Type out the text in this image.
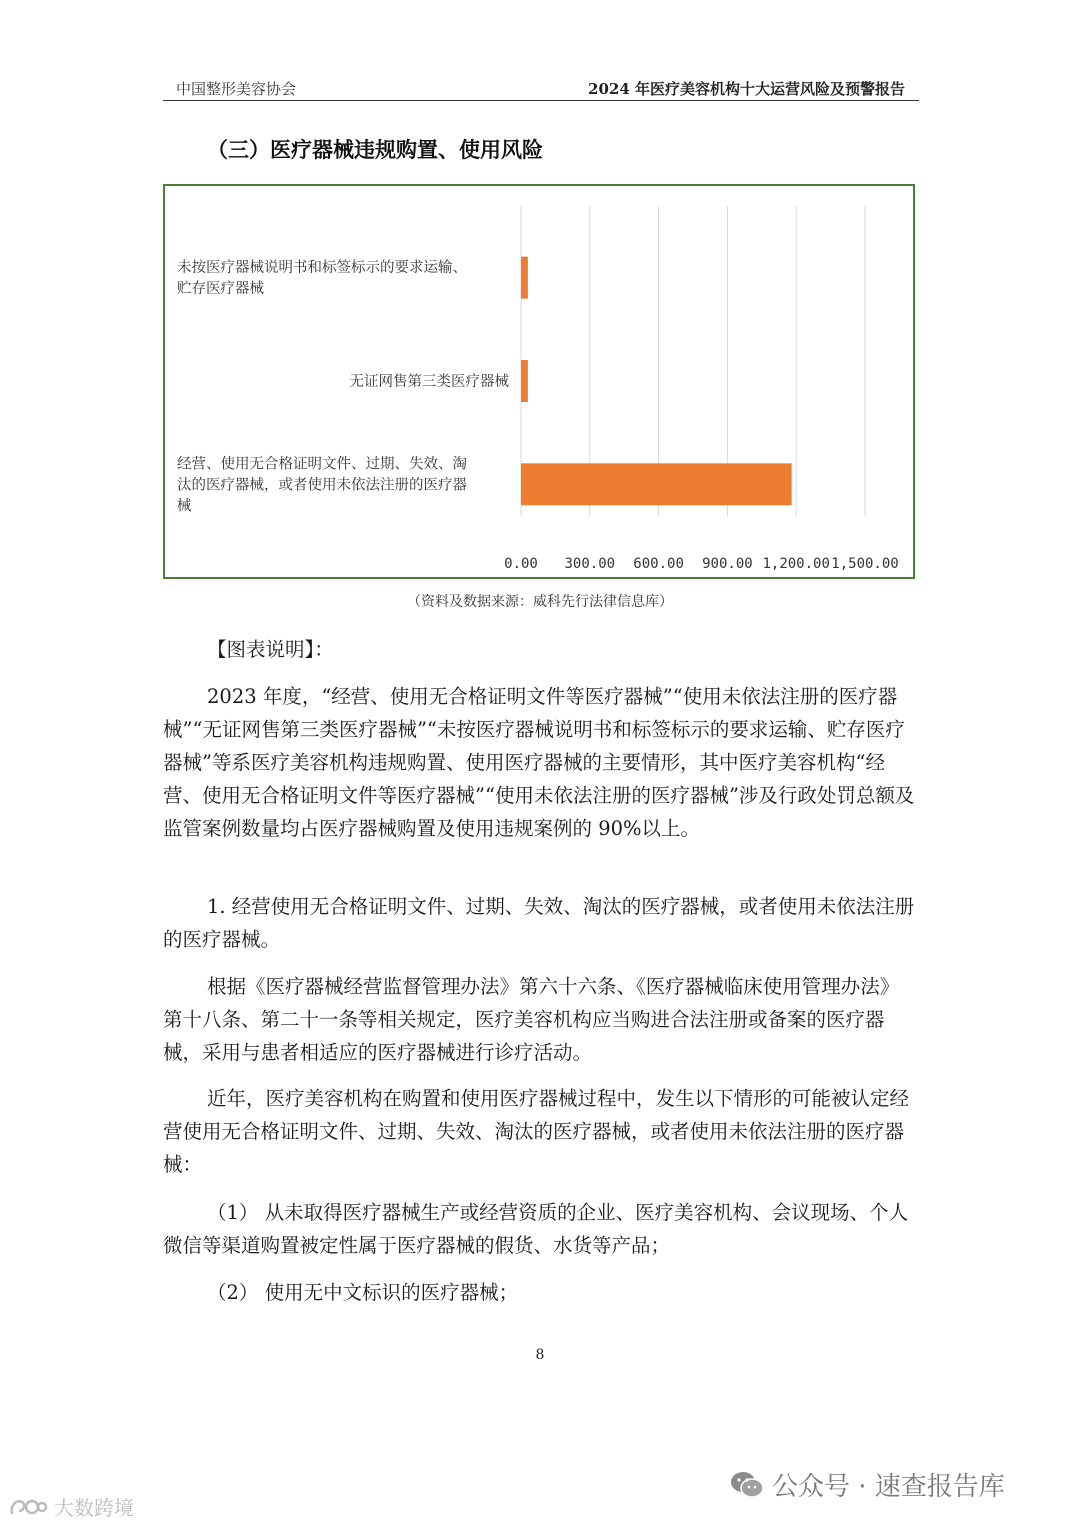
中国整形美容协会	2024 年医疗美容机构十大运营风险及预警报告
（三）医疗器械违规购置、使用风险
0.00 300.00 600.00 900.00 1,200.00 1,500.00
未按医疗器械说明书和标签标示的要求运输、
贮存医疗器械
无证网售第三类医疗器械
经营、使用无合格证明文件、过期、失效、淘
汰的医疗器械，或者使用未依法注册的医疗器
械
（资料及数据来源：威科先行法律信息库）
【图表说明】：
2023 年度，“经营、使用无合格证明文件等医疗器械”“使用未依法注册的医疗器械”“无证网售第三类医疗器械”“未按医疗器械说明书和标签标示的要求运输、贮存医疗器械”等系医疗美容机构违规购置、使用医疗器械的主要情形，其中医疗美容机构“经营、使用无合格证明文件等医疗器械”“使用未依法注册的医疗器械”涉及行政处罚总额及监管案例数量均占医疗器械购置及使用违规案例的 90%以上。
1. 经营使用无合格证明文件、过期、失效、淘汰的医疗器械，或者使用未依法注册的医疗器械。
根据《医疗器械经营监督管理办法》第六十六条、《医疗器械临床使用管理办法》第十八条、第二十一条等相关规定，医疗美容机构应当购进合法注册或备案的医疗器械，采用与患者相适应的医疗器械进行诊疗活动。
近年，医疗美容机构在购置和使用医疗器械过程中，发生以下情形的可能被认定经营使用无合格证明文件、过期、失效、淘汰的医疗器械，或者使用未依法注册的医疗器械：
（1） 从未取得医疗器械生产或经营资质的企业、医疗美容机构、会议现场、个人微信等渠道购置被定性属于医疗器械的假货、水货等产品；
（2） 使用无中文标识的医疗器械；
8
公众号 · 速查报告库
大数跨境
